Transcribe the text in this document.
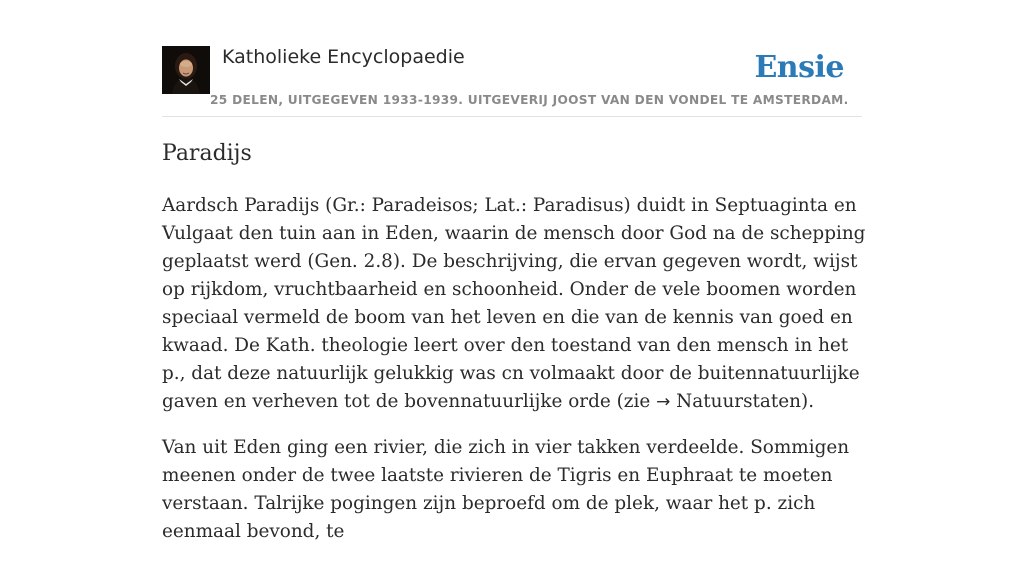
Katholieke Encyclopaedie
25 DELEN, UITGEGEVEN 1933-1939. UITGEVERIJ JOOST VAN DEN VONDEL TE AMSTERDAM.
Ensie
Paradijs

Aardsch Paradijs (Gr.: Paradeisos; Lat.: Paradisus) duidt in Septuaginta en Vulgaat den tuin aan in Eden, waarin de mensch door God na de schepping geplaatst werd (Gen. 2.8). De beschrijving, die ervan gegeven wordt, wijst op rijkdom, vruchtbaarheid en schoonheid. Onder de vele boomen worden speciaal vermeld de boom van het leven en die van de kennis van goed en kwaad. De Kath. theologie leert over den toestand van den mensch in het p., dat deze natuurlijk gelukkig was cn volmaakt door de buitennatuurlijke gaven en verheven tot de bovennatuurlijke orde (zie

→ Natuurstaten).

Van uit Eden ging een rivier, die zich in vier takken verdeelde. Sommigen meenen onder de twee laatste rivieren de Tigris en Euphraat te moeten verstaan. Talrijke pogingen zijn beproefd om de plek, waar het p. zich eenmaal bevond, te
